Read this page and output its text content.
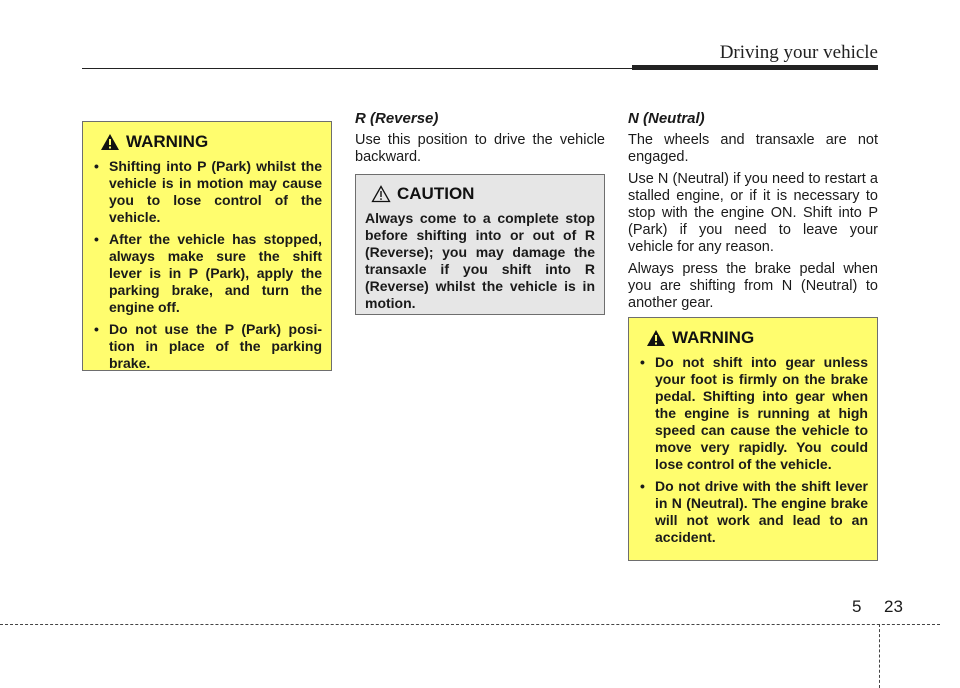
Driving your vehicle
WARNING
• Shifting into P (Park) whilst the vehicle is in motion may cause you to lose control of the vehicle.
• After the vehicle has stopped, always make sure the shift lever is in P (Park), apply the parking brake, and turn the engine off.
• Do not use the P (Park) posi-tion in place of the parking brake.
R (Reverse)

Use this position to drive the vehicle backward.

CAUTION

Always come to a complete stop before shifting into or out of R (Reverse); you may damage the transaxle if you shift into R (Reverse) whilst the vehicle is in motion.

N (Neutral)

The wheels and transaxle are not engaged.

Use N (Neutral) if you need to restart a stalled engine, or if it is necessary to stop with the engine ON. Shift into P (Park) if you need to leave your vehicle for any reason.

Always press the brake pedal when you are shifting from N (Neutral) to another gear.

WARNING
• Do not shift into gear unless your foot is firmly on the brake pedal. Shifting into gear when the engine is running at high speed can cause the vehicle to move very rapidly. You could lose control of the vehicle.
• Do not drive with the shift lever in N (Neutral). The engine brake will not work and lead to an accident.
5 23
